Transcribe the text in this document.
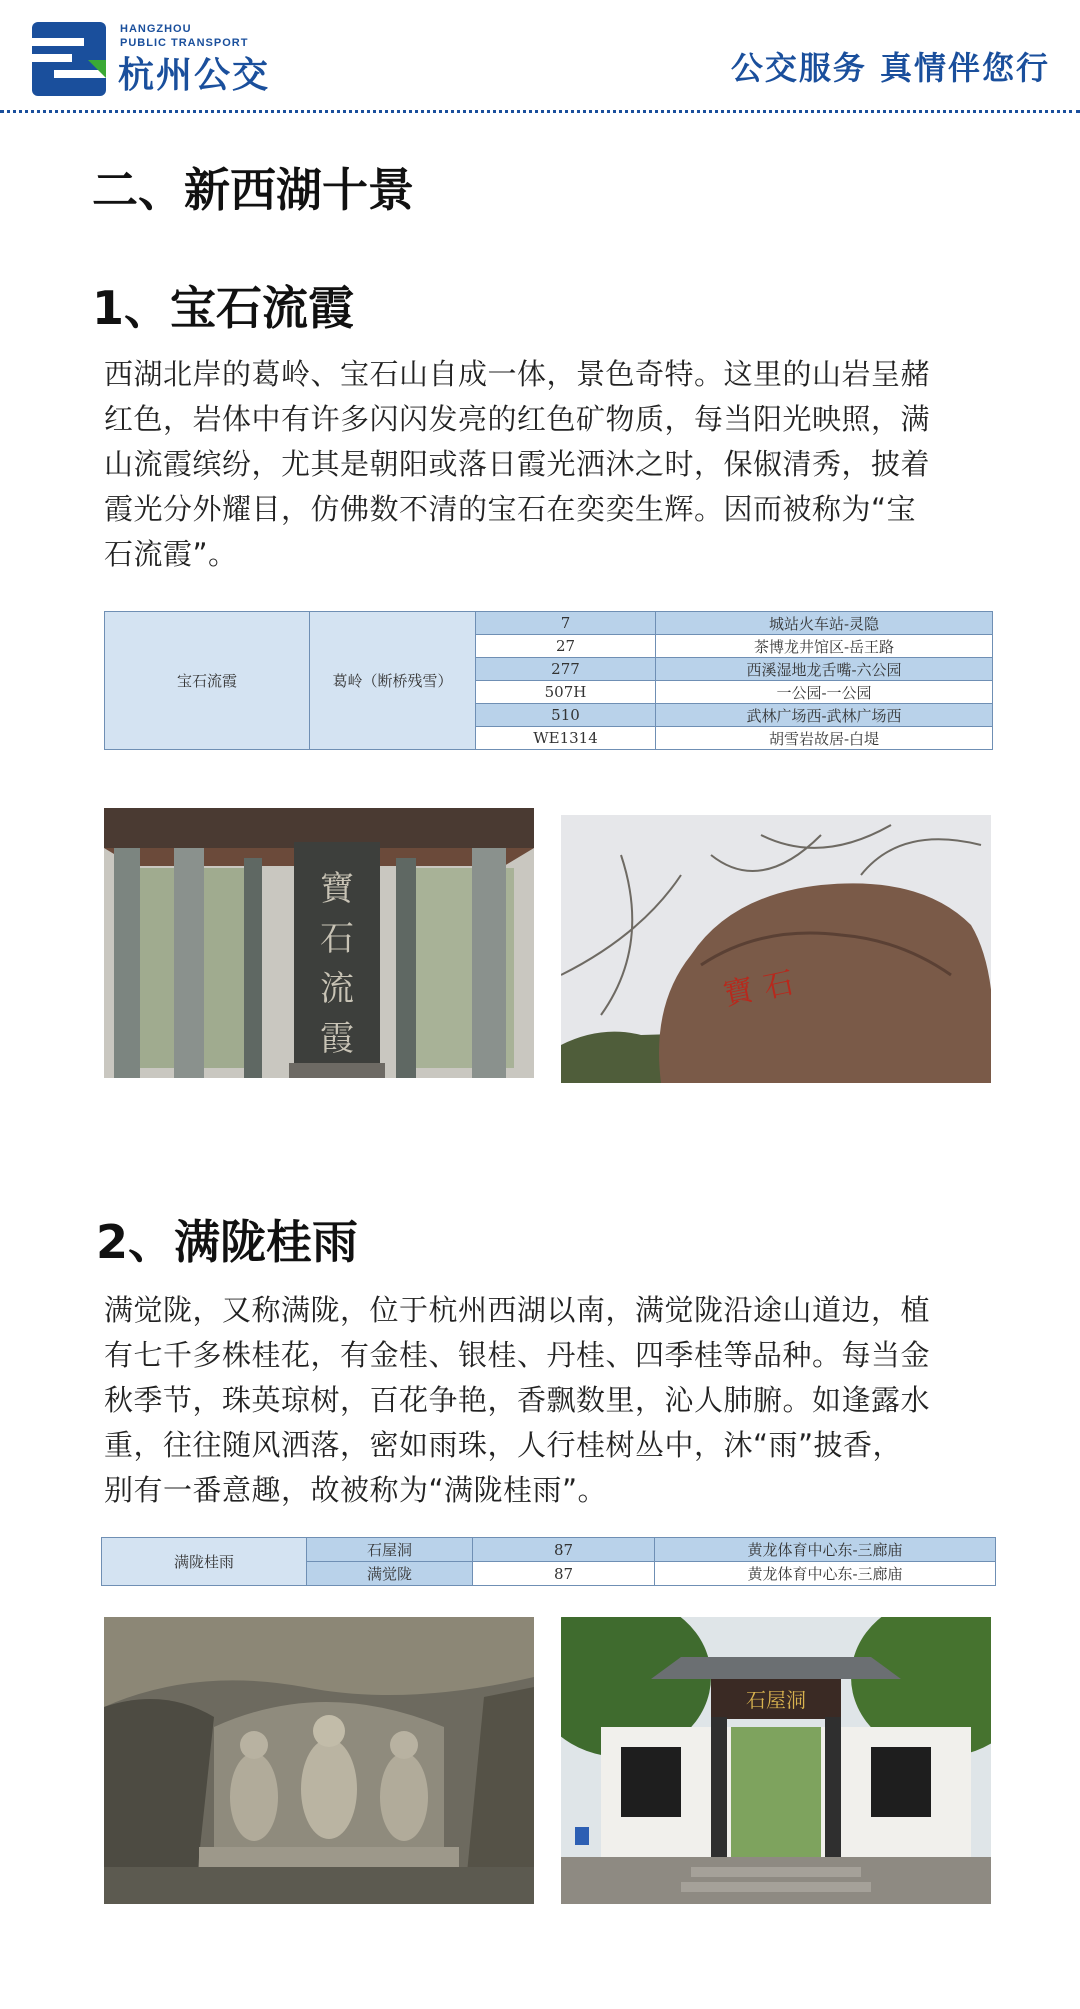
HANGZHOU
PUBLIC TRANSPORT
杭州公交	公交服务 真情伴您行
二、新西湖十景
1、宝石流霞
西湖北岸的葛岭、宝石山自成一体，景色奇特。这里的山岩呈赭
红色，岩体中有许多闪闪发亮的红色矿物质，每当阳光映照，满
山流霞缤纷，尤其是朝阳或落日霞光洒沐之时，保俶清秀，披着
霞光分外耀目，仿佛数不清的宝石在奕奕生辉。因而被称为“宝
石流霞”。
宝石流霞	葛岭（断桥残雪）	7	城站火车站-灵隐
		27	茶博龙井馆区-岳王路
		277	西溪湿地龙舌嘴-六公园
		507H	一公园-一公园
		510	武林广场西-武林广场西
		WE1314	胡雪岩故居-白堤
寶
石
流
霞
寶 石
2、满陇桂雨
满觉陇，又称满陇，位于杭州西湖以南，满觉陇沿途山道边，植
有七千多株桂花，有金桂、银桂、丹桂、四季桂等品种。每当金
秋季节，珠英琼树，百花争艳，香飘数里，沁人肺腑。如逢露水
重，往往随风洒落，密如雨珠，人行桂树丛中，沐“雨”披香，
别有一番意趣，故被称为“满陇桂雨”。
满陇桂雨	石屋洞	87	黄龙体育中心东-三廊庙
	满觉陇	87	黄龙体育中心东-三廊庙
石屋洞
